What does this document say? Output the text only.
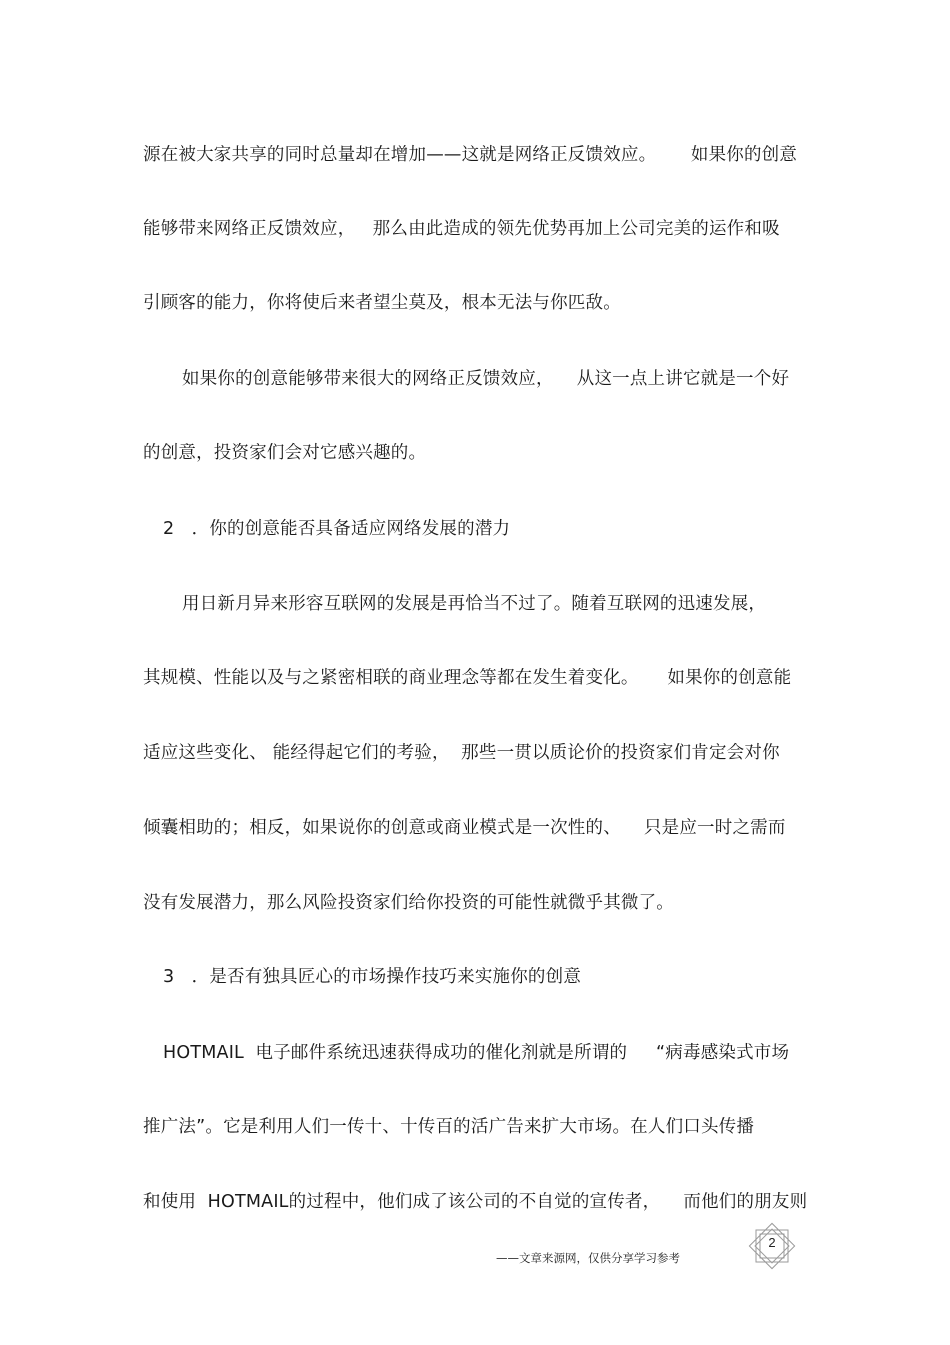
源在被大家共享的同时总量却在增加——这就是网络正反馈效应。      如果你的创意
能够带来网络正反馈效应，   那么由此造成的领先优势再加上公司完美的运作和吸
引顾客的能力，你将使后来者望尘莫及，根本无法与你匹敌。
如果你的创意能够带来很大的网络正反馈效应，    从这一点上讲它就是一个好
的创意，投资家们会对它感兴趣的。
2   ．你的创意能否具备适应网络发展的潜力
用日新月异来形容互联网的发展是再恰当不过了。随着互联网的迅速发展，
其规模、性能以及与之紧密相联的商业理念等都在发生着变化。     如果你的创意能
适应这些变化、 能经得起它们的考验，  那些一贯以质论价的投资家们肯定会对你
倾囊相助的；相反，如果说你的创意或商业模式是一次性的、    只是应一时之需而
没有发展潜力，那么风险投资家们给你投资的可能性就微乎其微了。
3   ．是否有独具匠心的市场操作技巧来实施你的创意
HOTMAIL  电子邮件系统迅速获得成功的催化剂就是所谓的     “病毒感染式市场
推广法”。它是利用人们一传十、十传百的活广告来扩大市场。在人们口头传播
和使用  HOTMAIL的过程中，他们成了该公司的不自觉的宣传者，    而他们的朋友则
2
——文章来源网，仅供分享学习参考
